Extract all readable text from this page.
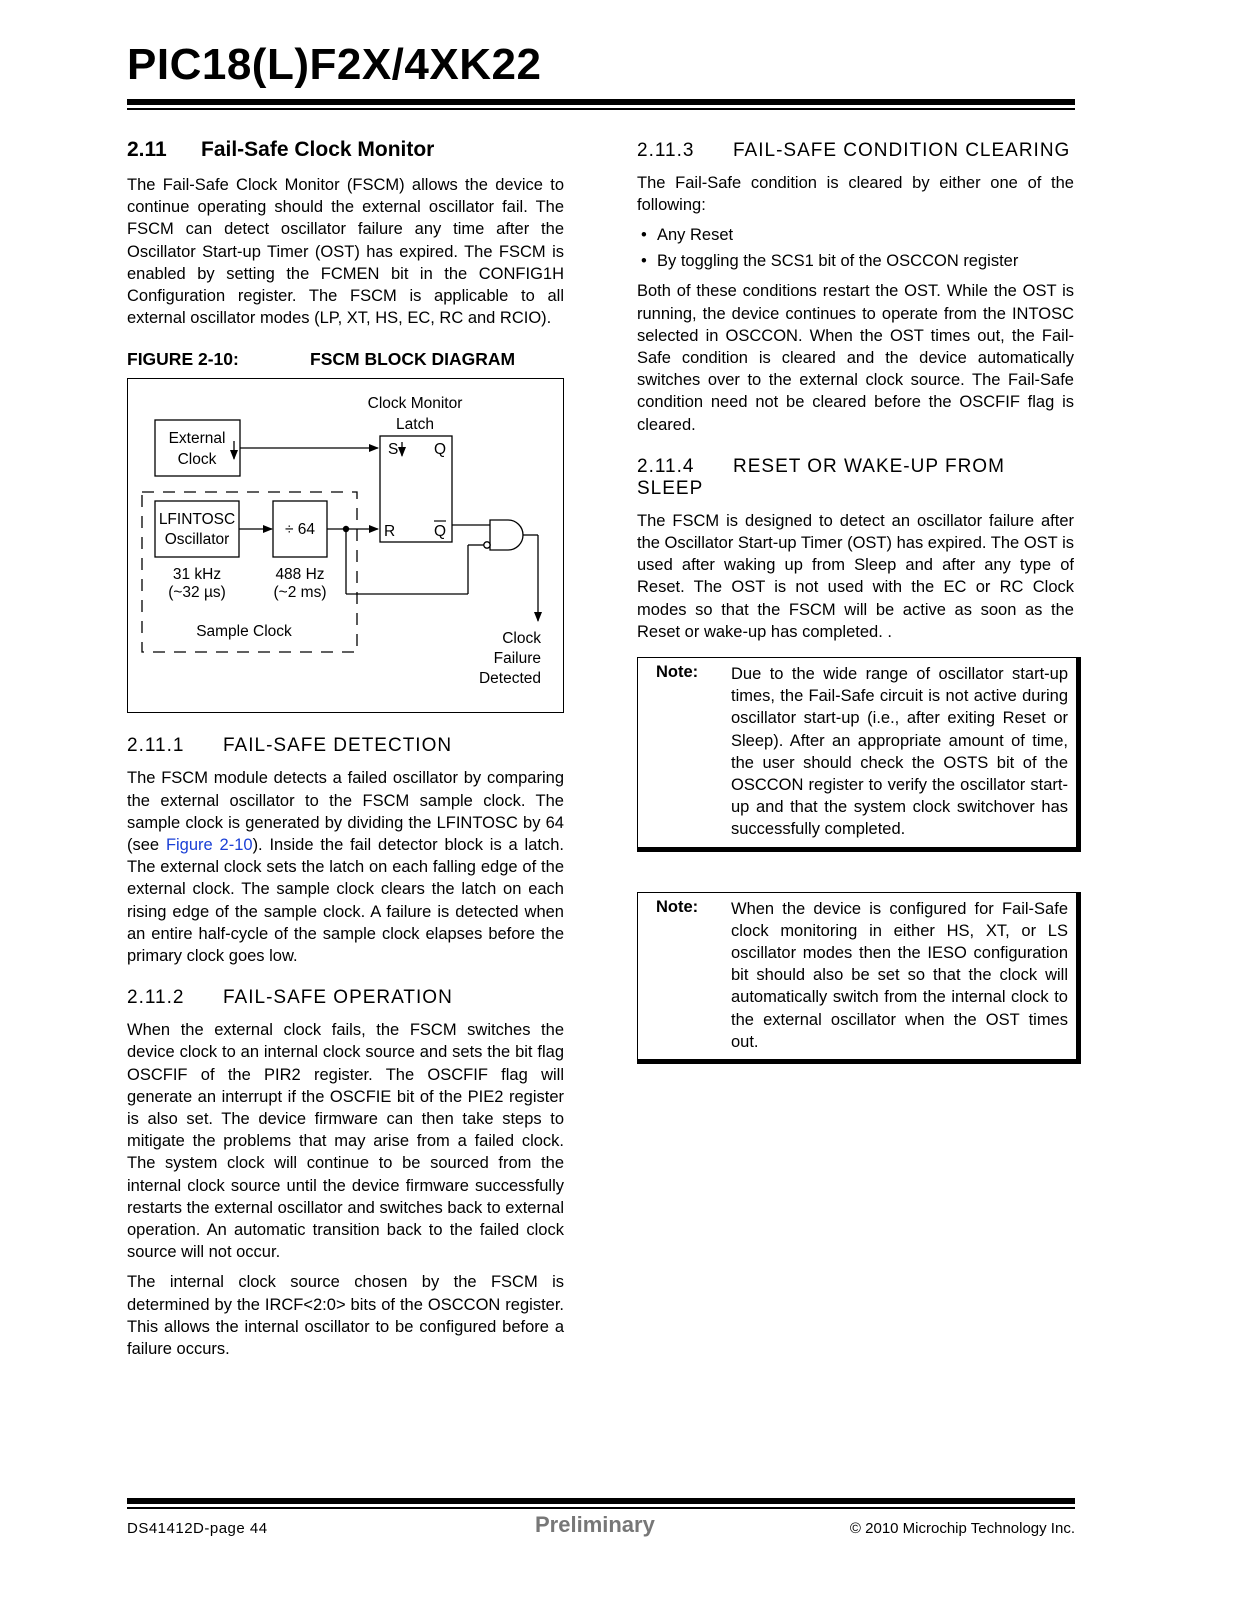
PIC18(L)F2X/4XK22
2.11 Fail-Safe Clock Monitor

The Fail-Safe Clock Monitor (FSCM) allows the device to continue operating should the external oscillator fail. The FSCM can detect oscillator failure any time after the Oscillator Start-up Timer (OST) has expired. The FSCM is enabled by setting the FCMEN bit in the CONFIG1H Configuration register. The FSCM is applicable to all external oscillator modes (LP, XT, HS, EC, RC and RCIO).

FIGURE 2-10:	FSCM BLOCK DIAGRAM
External
Clock
Clock Monitor
Latch
S Q
R	Q
LFINTOSC
Oscillator
31 kHz
(~32 µs)
÷ 64
488 Hz
(~2 ms)
Clock
Failure
Detected
Sample Clock
2.11.1 FAIL-SAFE DETECTION

The FSCM module detects a failed oscillator by comparing the external oscillator to the FSCM sample clock. The sample clock is generated by dividing the LFINTOSC by 64 (see Figure 2-10). Inside the fail detector block is a latch. The external clock sets the latch on each falling edge of the external clock. The sample clock clears the latch on each rising edge of the sample clock. A failure is detected when an entire half-cycle of the sample clock elapses before the primary clock goes low.

2.11.2 FAIL-SAFE OPERATION

When the external clock fails, the FSCM switches the device clock to an internal clock source and sets the bit flag OSCFIF of the PIR2 register. The OSCFIF flag will generate an interrupt if the OSCFIE bit of the PIE2 register is also set. The device firmware can then take steps to mitigate the problems that may arise from a failed clock. The system clock will continue to be sourced from the internal clock source until the device firmware successfully restarts the external oscillator and switches back to external operation. An automatic transition back to the failed clock source will not occur.

The internal clock source chosen by the FSCM is determined by the IRCF<2:0> bits of the OSCCON register. This allows the internal oscillator to be configured before a failure occurs.

2.11.3 FAIL-SAFE CONDITION CLEARING

The Fail-Safe condition is cleared by either one of the following:

• Any Reset
• By toggling the SCS1 bit of the OSCCON register

Both of these conditions restart the OST. While the OST is running, the device continues to operate from the INTOSC selected in OSCCON. When the OST times out, the Fail-Safe condition is cleared and the device automatically switches over to the external clock source. The Fail-Safe condition need not be cleared before the OSCFIF flag is cleared.

2.11.4 RESET OR WAKE-UP FROM SLEEP

The FSCM is designed to detect an oscillator failure after the Oscillator Start-up Timer (OST) has expired. The OST is used after waking up from Sleep and after any type of Reset. The OST is not used with the EC or RC Clock modes so that the FSCM will be active as soon as the Reset or wake-up has completed. .

Note: Due to the wide range of oscillator start-up times, the Fail-Safe circuit is not active during oscillator start-up (i.e., after exiting Reset or Sleep). After an appropriate amount of time, the user should check the OSTS bit of the OSCCON register to verify the oscillator start-up and that the system clock switchover has successfully completed.

Note: When the device is configured for Fail-Safe clock monitoring in either HS, XT, or LS oscillator modes then the IESO configuration bit should also be set so that the clock will automatically switch from the internal clock to the external oscillator when the OST times out.

DS41412D-page 44	Preliminary	© 2010 Microchip Technology Inc.
